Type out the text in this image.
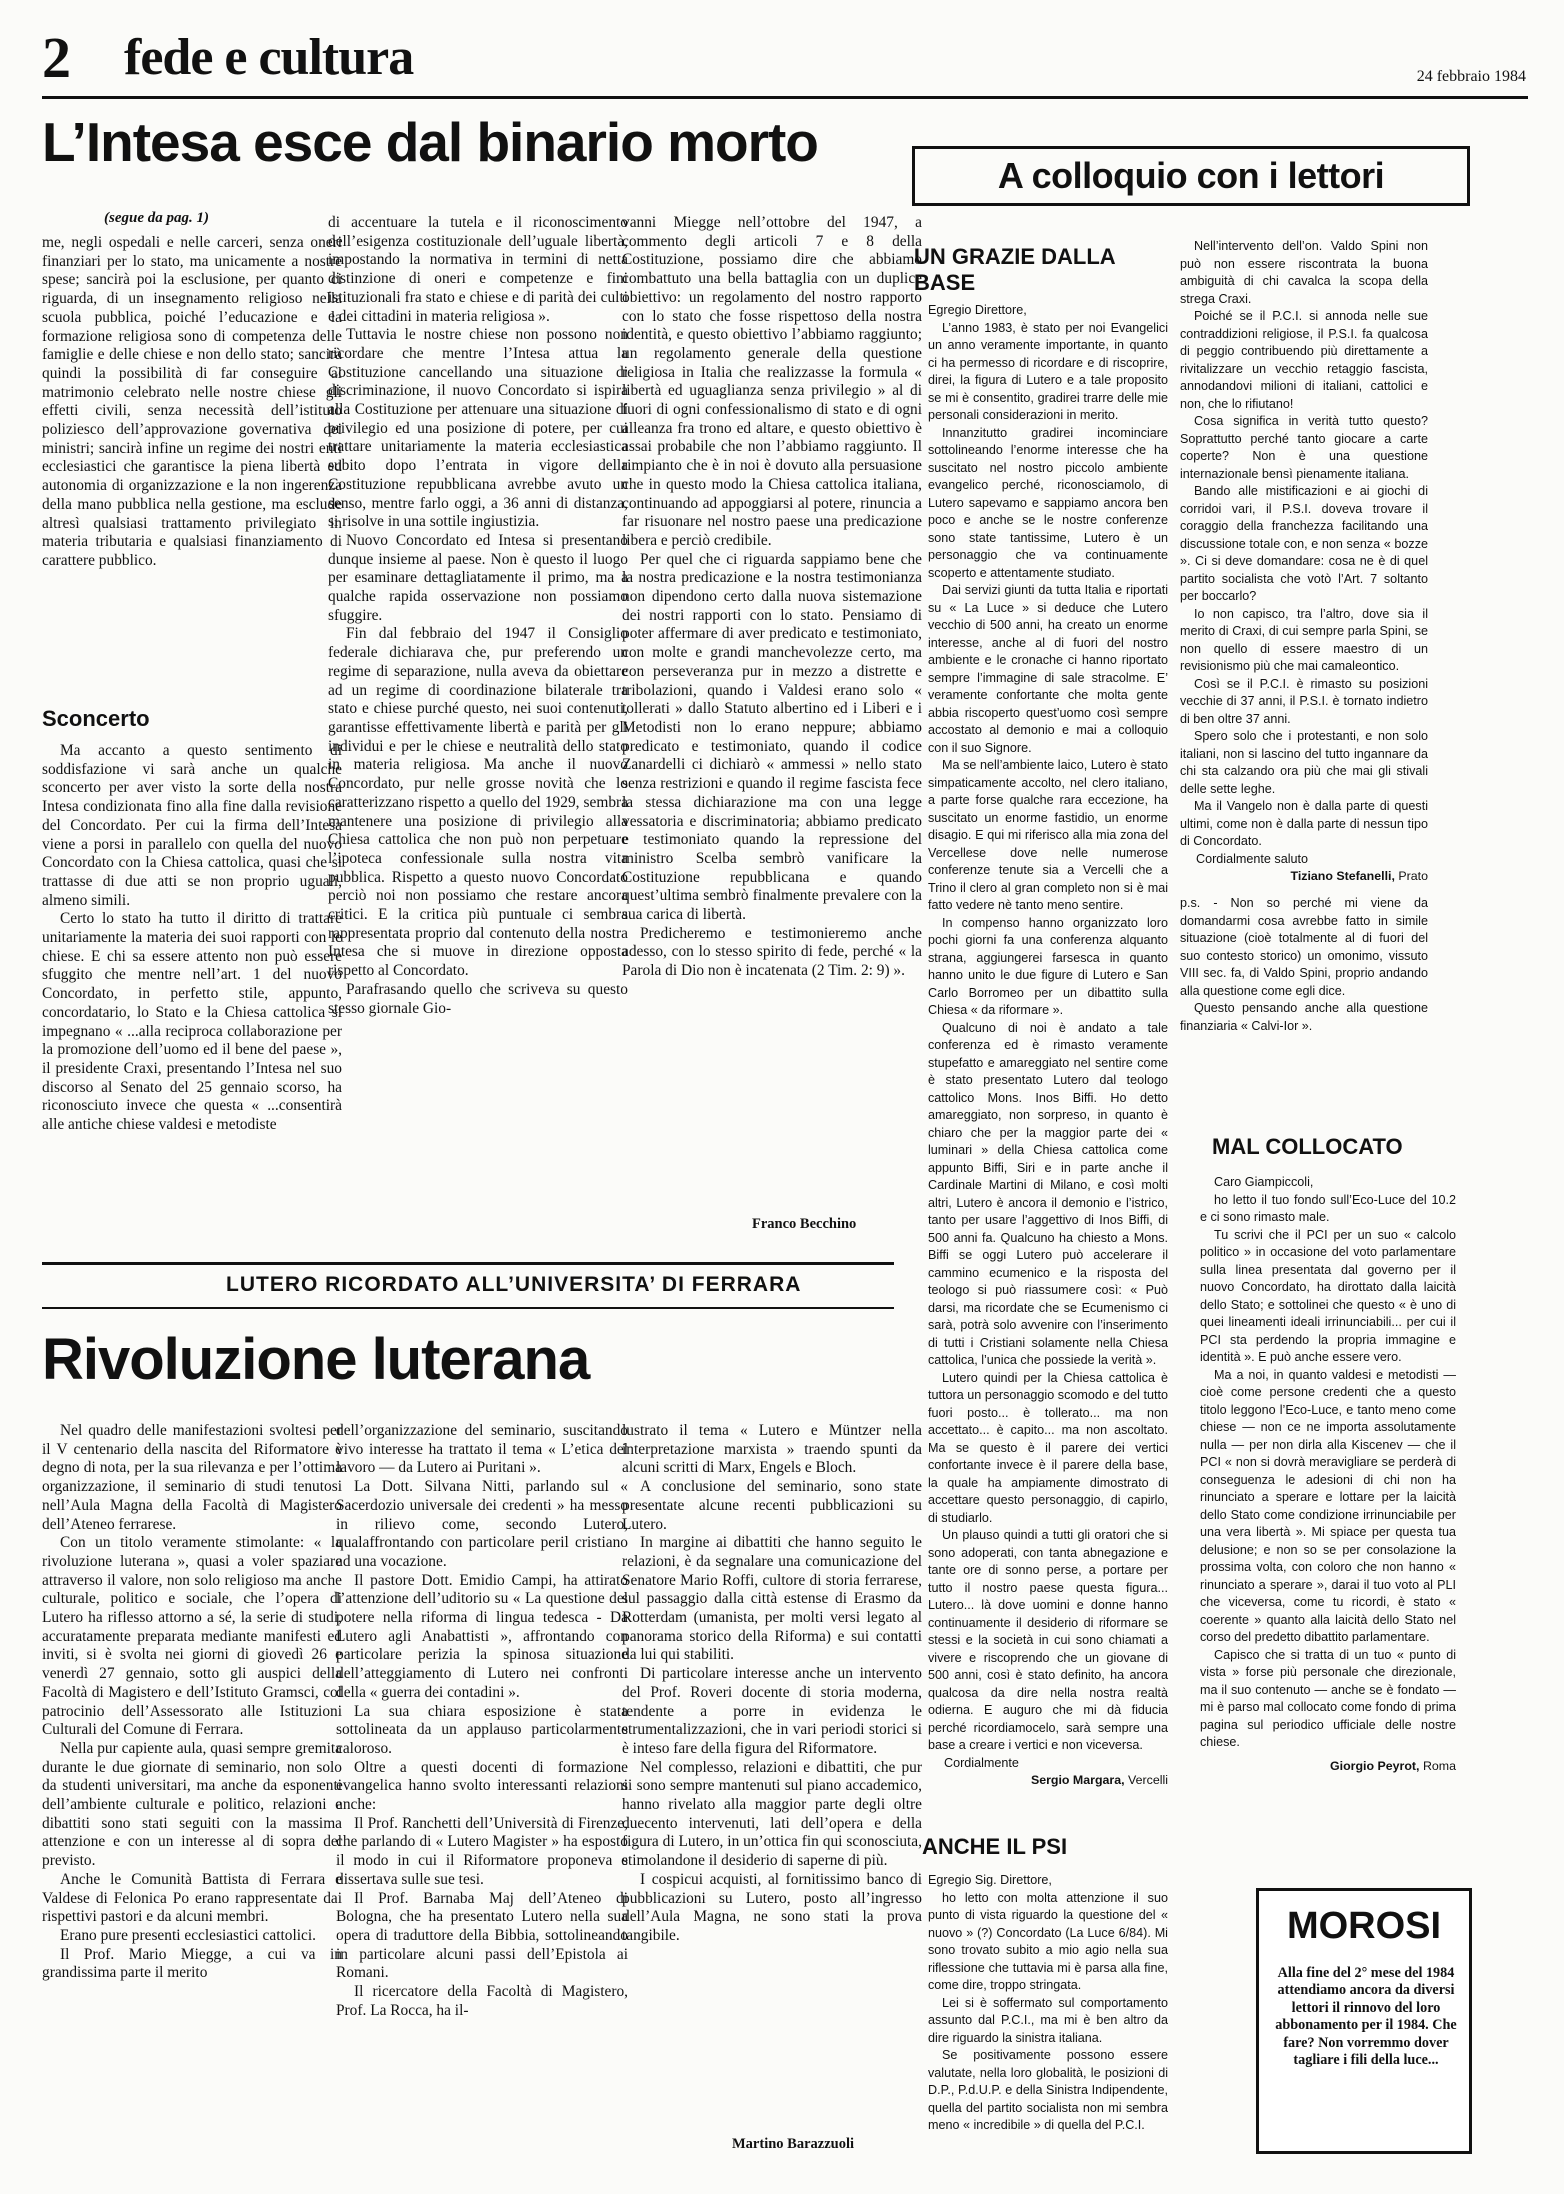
2 fede e cultura	24 febbraio 1984
L’Intesa esce dal binario morto
(segue da pag. 1)

me, negli ospedali e nelle carceri, senza oneri finanziari per lo stato, ma unicamente a nostre spese; sancirà poi la esclusione, per quanto ci riguarda, di un insegnamento religioso nella scuola pubblica, poiché l’educazione e la formazione religiosa sono di competenza delle famiglie e delle chiese e non dello stato; sancirà quindi la possibilità di far conseguire al matrimonio celebrato nelle nostre chiese gli effetti civili, senza necessità dell’istituto poliziesco dell’approvazione governativa dei ministri; sancirà infine un regime dei nostri enti ecclesiastici che garantisce la piena libertà ed autonomia di organizzazione e la non ingerenza della mano pubblica nella gestione, ma esclude altresì qualsiasi trattamento privilegiato in materia tributaria e qualsiasi finanziamento di carattere pubblico.

Sconcerto

Ma accanto a questo sentimento di soddisfazione vi sarà anche un qualche sconcerto per aver visto la sorte della nostra Intesa condizionata fino alla fine dalla revisione del Concordato. Per cui la firma dell’Intesa viene a porsi in parallelo con quella del nuovo Concordato con la Chiesa cattolica, quasi che si trattasse di due atti se non proprio uguali, almeno simili.

Certo lo stato ha tutto il diritto di trattare unitariamente la materia dei suoi rapporti con le chiese. E chi sa essere attento non può essere sfuggito che mentre nell’art. 1 del nuovo Concordato, in perfetto stile, appunto, concordatario, lo Stato e la Chiesa cattolica si impegnano « ...alla reciproca collaborazione per la promozione dell’uomo ed il bene del paese », il presidente Craxi, presentando l’Intesa nel suo discorso al Senato del 25 gennaio scorso, ha riconosciuto invece che questa « ...consentirà alle antiche chiese valdesi e metodiste

di accentuare la tutela e il riconoscimento dell’esigenza costituzionale dell’uguale libertà, impostando la normativa in termini di netta distinzione di oneri e competenze e fini istituzionali fra stato e chiese e di parità dei culti e dei cittadini in materia religiosa ».

Tuttavia le nostre chiese non possono non ricordare che mentre l’Intesa attua la Costituzione cancellando una situazione di discriminazione, il nuovo Concordato si ispira alla Costituzione per attenuare una situazione di privilegio ed una posizione di potere, per cui trattare unitariamente la materia ecclesiastica subito dopo l’entrata in vigore della Costituzione repubblicana avrebbe avuto un senso, mentre farlo oggi, a 36 anni di distanza, si risolve in una sottile ingiustizia.

Nuovo Concordato ed Intesa si presentano dunque insieme al paese. Non è questo il luogo per esaminare dettagliatamente il primo, ma a qualche rapida osservazione non possiamo sfuggire.

Fin dal febbraio del 1947 il Consiglio federale dichiarava che, pur preferendo un regime di separazione, nulla aveva da obiettare ad un regime di coordinazione bilaterale tra stato e chiese purché questo, nei suoi contenuti, garantisse effettivamente libertà e parità per gli individui e per le chiese e neutralità dello stato in materia religiosa. Ma anche il nuovo Concordato, pur nelle grosse novità che lo caratterizzano rispetto a quello del 1929, sembra mantenere una posizione di privilegio alla Chiesa cattolica che non può non perpetuare l’ipoteca confessionale sulla nostra vita pubblica. Rispetto a questo nuovo Concordato perciò noi non possiamo che restare ancora critici. E la critica più puntuale ci sembra rappresentata proprio dal contenuto della nostra Intesa che si muove in direzione opposta rispetto al Concordato.

Parafrasando quello che scriveva su questo stesso giornale Gio-

vanni Miegge nell’ottobre del 1947, a commento degli articoli 7 e 8 della Costituzione, possiamo dire che abbiamo combattuto una bella battaglia con un duplice obiettivo: un regolamento del nostro rapporto con lo stato che fosse rispettoso della nostra identità, e questo obiettivo l’abbiamo raggiunto; un regolamento generale della questione religiosa in Italia che realizzasse la formula « libertà ed uguaglianza senza privilegio » al di fuori di ogni confessionalismo di stato e di ogni alleanza fra trono ed altare, e questo obiettivo è assai probabile che non l’abbiamo raggiunto. Il rimpianto che è in noi è dovuto alla persuasione che in questo modo la Chiesa cattolica italiana, continuando ad appoggiarsi al potere, rinuncia a far risuonare nel nostro paese una predicazione libera e perciò credibile.

Per quel che ci riguarda sappiamo bene che la nostra predicazione e la nostra testimonianza non dipendono certo dalla nuova sistemazione dei nostri rapporti con lo stato. Pensiamo di poter affermare di aver predicato e testimoniato, con molte e grandi manchevolezze certo, ma con perseveranza pur in mezzo a distrette e tribolazioni, quando i Valdesi erano solo « tollerati » dallo Statuto albertino ed i Liberi e i Metodisti non lo erano neppure; abbiamo predicato e testimoniato, quando il codice Zanardelli ci dichiarò « ammessi » nello stato senza restrizioni e quando il regime fascista fece la stessa dichiarazione ma con una legge vessatoria e discriminatoria; abbiamo predicato e testimoniato quando la repressione del ministro Scelba sembrò vanificare la Costituzione repubblicana e quando quest’ultima sembrò finalmente prevalere con la sua carica di libertà.

Predicheremo e testimonieremo anche adesso, con lo stesso spirito di fede, perché « la Parola di Dio non è incatenata (2 Tim. 2: 9) ».

Franco Becchino
LUTERO RICORDATO ALL’UNIVERSITA’ DI FERRARA
Rivoluzione luterana

Nel quadro delle manifestazioni svoltesi per il V centenario della nascita del Riformatore è degno di nota, per la sua rilevanza e per l’ottima organizzazione, il seminario di studi tenutosi nell’Aula Magna della Facoltà di Magistero dell’Ateneo ferrarese.

Con un titolo veramente stimolante: « la rivoluzione luterana », quasi a voler spaziare attraverso il valore, non solo religioso ma anche culturale, politico e sociale, che l’opera di Lutero ha riflesso attorno a sé, la serie di studi, accuratamente preparata mediante manifesti ed inviti, si è svolta nei giorni di giovedì 26 e venerdì 27 gennaio, sotto gli auspici della Facoltà di Magistero e dell’Istituto Gramsci, col patrocinio dell’Assessorato alle Istituzioni Culturali del Comune di Ferrara.

Nella pur capiente aula, quasi sempre gremita durante le due giornate di seminario, non solo da studenti universitari, ma anche da esponenti dell’ambiente culturale e politico, relazioni e dibattiti sono stati seguiti con la massima attenzione e con un interesse al di sopra del previsto.

Anche le Comunità Battista di Ferrara e Valdese di Felonica Po erano rappresentate dai rispettivi pastori e da alcuni membri.

Erano pure presenti ecclesiastici cattolici.

Il Prof. Mario Miegge, a cui va in grandissima parte il merito

dell’organizzazione del seminario, suscitando vivo interesse ha trattato il tema « L’etica del lavoro — da Lutero ai Puritani ».

La Dott. Silvana Nitti, parlando sul « Sacerdozio universale dei credenti » ha messo in rilievo come, secondo Lutero, qualaffrontando con particolare peril cristiano ad una vocazione.

Il pastore Dott. Emidio Campi, ha attirato l’attenzione dell’uditorio su « La questione del potere nella riforma di lingua tedesca - Da Lutero agli Anabattisti », affrontando con particolare perizia la spinosa situazione dell’atteggiamento di Lutero nei confronti della « guerra dei contadini ».

La sua chiara esposizione è stata sottolineata da un applauso particolarmente caloroso.

Oltre a questi docenti di formazione evangelica hanno svolto interessanti relazioni anche:

Il Prof. Ranchetti dell’Università di Firenze, che parlando di « Lutero Magister » ha esposto il modo in cui il Riformatore proponeva e dissertava sulle sue tesi.

Il Prof. Barnaba Maj dell’Ateneo di Bologna, che ha presentato Lutero nella sua opera di traduttore della Bibbia, sottolineando in particolare alcuni passi dell’Epistola ai Romani.

Il ricercatore della Facoltà di Magistero, Prof. La Rocca, ha il-

lustrato il tema « Lutero e Müntzer nella interpretazione marxista » traendo spunti da alcuni scritti di Marx, Engels e Bloch.

A conclusione del seminario, sono state presentate alcune recenti pubblicazioni su Lutero.

In margine ai dibattiti che hanno seguito le relazioni, è da segnalare una comunicazione del Senatore Mario Roffi, cultore di storia ferrarese, sul passaggio dalla città estense di Erasmo da Rotterdam (umanista, per molti versi legato al panorama storico della Riforma) e sui contatti da lui qui stabiliti.

Di particolare interesse anche un intervento del Prof. Roveri docente di storia moderna, tendente a porre in evidenza le strumentalizzazioni, che in vari periodi storici si è inteso fare della figura del Riformatore.

Nel complesso, relazioni e dibattiti, che pur si sono sempre mantenuti sul piano accademico, hanno rivelato alla maggior parte degli oltre duecento intervenuti, lati dell’opera e della figura di Lutero, in un’ottica fin qui sconosciuta, stimolandone il desiderio di saperne di più.

I cospicui acquisti, al fornitissimo banco di pubblicazioni su Lutero, posto all’ingresso dell’Aula Magna, ne sono stati la prova tangibile.

Martino Barazzuoli
A colloquio con i lettori
UN GRAZIE DALLA BASE

Egregio Direttore,

L’anno 1983, è stato per noi Evangelici un anno veramente importante, in quanto ci ha permesso di ricordare e di riscoprire, direi, la figura di Lutero e a tale proposito se mi è consentito, gradirei trarre delle mie personali considerazioni in merito.

Innanzitutto gradirei incominciare sottolineando l’enorme interesse che ha suscitato nel nostro piccolo ambiente evangelico perché, riconosciamolo, di Lutero sapevamo e sappiamo ancora ben poco e anche se le nostre conferenze sono state tantissime, Lutero è un personaggio che va continuamente scoperto e attentamente studiato.

Dai servizi giunti da tutta Italia e riportati su « La Luce » si deduce che Lutero vecchio di 500 anni, ha creato un enorme interesse, anche al di fuori del nostro ambiente e le cronache ci hanno riportato sempre l’immagine di sale stracolme. E’ veramente confortante che molta gente abbia riscoperto quest’uomo così sempre accostato al demonio e mai a colloquio con il suo Signore.

Ma se nell’ambiente laico, Lutero è stato simpaticamente accolto, nel clero italiano, a parte forse qualche rara eccezione, ha suscitato un enorme fastidio, un enorme disagio. E qui mi riferisco alla mia zona del Vercellese dove nelle numerose conferenze tenute sia a Vercelli che a Trino il clero al gran completo non si è mai fatto vedere nè tanto meno sentire.

In compenso hanno organizzato loro pochi giorni fa una conferenza alquanto strana, aggiungerei farsesca in quanto hanno unito le due figure di Lutero e San Carlo Borromeo per un dibattito sulla Chiesa « da riformare ».

Qualcuno di noi è andato a tale conferenza ed è rimasto veramente stupefatto e amareggiato nel sentire come è stato presentato Lutero dal teologo cattolico Mons. Inos Biffi. Ho detto amareggiato, non sorpreso, in quanto è chiaro che per la maggior parte dei « luminari » della Chiesa cattolica come appunto Biffi, Siri e in parte anche il Cardinale Martini di Milano, e così molti altri, Lutero è ancora il demonio e l’istrico, tanto per usare l’aggettivo di Inos Biffi, di 500 anni fa. Qualcuno ha chiesto a Mons. Biffi se oggi Lutero può accelerare il cammino ecumenico e la risposta del teologo si può riassumere così: « Può darsi, ma ricordate che se Ecumenismo ci sarà, potrà solo avvenire con l’inserimento di tutti i Cristiani solamente nella Chiesa cattolica, l’unica che possiede la verità ».

Lutero quindi per la Chiesa cattolica è tuttora un personaggio scomodo e del tutto fuori posto... è tollerato... ma non accettato... è capito... ma non ascoltato. Ma se questo è il parere dei vertici confortante invece è il parere della base, la quale ha ampiamente dimostrato di accettare questo personaggio, di capirlo, di studiarlo.

Un plauso quindi a tutti gli oratori che si sono adoperati, con tanta abnegazione e tante ore di sonno perse, a portare per tutto il nostro paese questa figura... Lutero... là dove uomini e donne hanno continuamente il desiderio di riformare se stessi e la società in cui sono chiamati a vivere e riscoprendo che un giovane di 500 anni, così è stato definito, ha ancora qualcosa da dire nella nostra realtà odierna. E auguro che mi dà fiducia perché ricordiamocelo, sarà sempre una base a creare i vertici e non viceversa.

Cordialmente

Sergio Margara, Vercelli

ANCHE IL PSI

Egregio Sig. Direttore,

ho letto con molta attenzione il suo punto di vista riguardo la questione del « nuovo » (?) Concordato (La Luce 6/84). Mi sono trovato subito a mio agio nella sua riflessione che tuttavia mi è parsa alla fine, come dire, troppo stringata.

Lei si è soffermato sul comportamento assunto dal P.C.I., ma mi è ben altro da dire riguardo la sinistra italiana.

Se positivamente possono essere valutate, nella loro globalità, le posizioni di D.P., P.d.U.P. e della Sinistra Indipendente, quella del partito socialista non mi sembra meno « incredibile » di quella del P.C.I.

Nell’intervento dell’on. Valdo Spini non può non essere riscontrata la buona ambiguità di chi cavalca la scopa della strega Craxi.

Poiché se il P.C.I. si annoda nelle sue contraddizioni religiose, il P.S.I. fa qualcosa di peggio contribuendo più direttamente a rivitalizzare un vecchio retaggio fascista, annodandovi milioni di italiani, cattolici e non, che lo rifiutano!

Cosa significa in verità tutto questo? Soprattutto perché tanto giocare a carte coperte? Non è una questione internazionale bensì pienamente italiana.

Bando alle mistificazioni e ai giochi di corridoi vari, il P.S.I. doveva trovare il coraggio della franchezza facilitando una discussione totale con, e non senza « bozze ». Ci si deve domandare: cosa ne è di quel partito socialista che votò l’Art. 7 soltanto per boccarlo?

Io non capisco, tra l’altro, dove sia il merito di Craxi, di cui sempre parla Spini, se non quello di essere maestro di un revisionismo più che mai camaleontico.

Così se il P.C.I. è rimasto su posizioni vecchie di 37 anni, il P.S.I. è tornato indietro di ben oltre 37 anni.

Spero solo che i protestanti, e non solo italiani, non si lascino del tutto ingannare da chi sta calzando ora più che mai gli stivali delle sette leghe.

Ma il Vangelo non è dalla parte di questi ultimi, come non è dalla parte di nessun tipo di Concordato.

Cordialmente saluto

Tiziano Stefanelli, Prato

p.s. - Non so perché mi viene da domandarmi cosa avrebbe fatto in simile situazione (cioè totalmente al di fuori del suo contesto storico) un omonimo, vissuto VIII sec. fa, di Valdo Spini, proprio andando alla questione come egli dice.

Questo pensando anche alla questione finanziaria « Calvi-Ior ».

MAL COLLOCATO

Caro Giampiccoli,

ho letto il tuo fondo sull’Eco-Luce del 10.2 e ci sono rimasto male.

Tu scrivi che il PCI per un suo « calcolo politico » in occasione del voto parlamentare sulla linea presentata dal governo per il nuovo Concordato, ha dirottato dalla laicità dello Stato; e sottolinei che questo « è uno di quei lineamenti ideali irrinunciabili... per cui il PCI sta perdendo la propria immagine e identità ». E può anche essere vero.

Ma a noi, in quanto valdesi e metodisti — cioè come persone credenti che a questo titolo leggono l’Eco-Luce, e tanto meno come chiese — non ce ne importa assolutamente nulla — per non dirla alla Kiscenev — che il PCI « non si dovrà meravigliare se perderà di conseguenza le adesioni di chi non ha rinunciato a sperare e lottare per la laicità dello Stato come condizione irrinunciabile per una vera libertà ». Mi spiace per questa tua delusione; e non so se per consolazione la prossima volta, con coloro che non hanno « rinunciato a sperare », darai il tuo voto al PLI che viceversa, come tu ricordi, è stato « coerente » quanto alla laicità dello Stato nel corso del predetto dibattito parlamentare.

Capisco che si tratta di un tuo « punto di vista » forse più personale che direzionale, ma il suo contenuto — anche se è fondato — mi è parso mal collocato come fondo di prima pagina sul periodico ufficiale delle nostre chiese.

Giorgio Peyrot, Roma

MOROSI
Alla fine del 2° mese del 1984 attendiamo ancora da diversi lettori il rinnovo del loro abbonamento per il 1984. Che fare? Non vorremmo dover tagliare i fili della luce...
